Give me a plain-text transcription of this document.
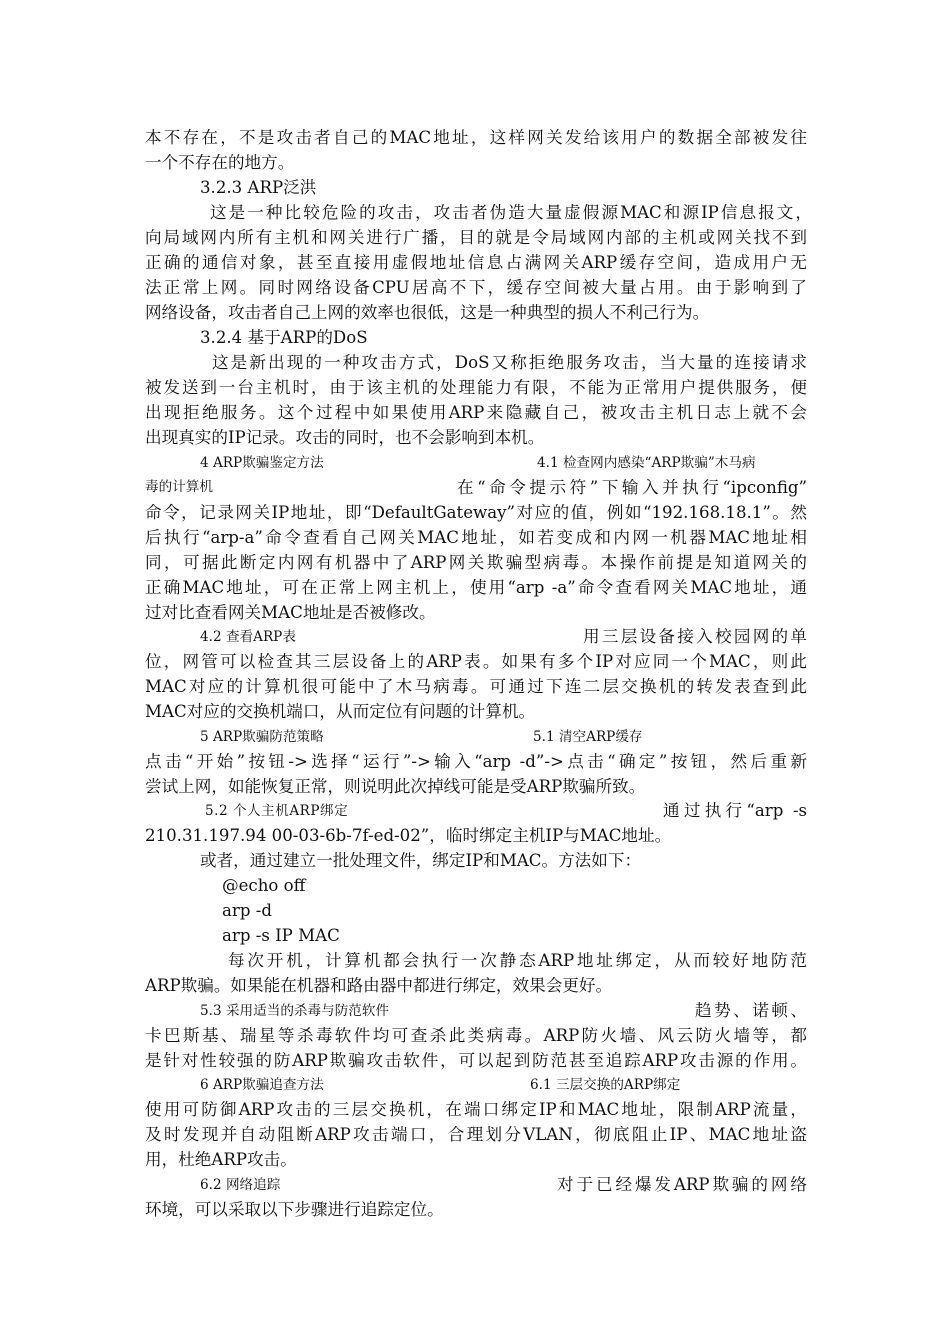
本不存在，不是攻击者自己的MAC地址，这样网关发给该用户的数据全部被发往
一个不存在的地方。
3.2.3 ARP泛洪
这是一种比较危险的攻击，攻击者伪造大量虚假源MAC和源IP信息报文，
向局域网内所有主机和网关进行广播，目的就是令局域网内部的主机或网关找不到
正确的通信对象，甚至直接用虚假地址信息占满网关ARP缓存空间，造成用户无
法正常上网。同时网络设备CPU居高不下，缓存空间被大量占用。由于影响到了
网络设备，攻击者自己上网的效率也很低，这是一种典型的损人不利己行为。
3.2.4 基于ARP的DoS
这是新出现的一种攻击方式，DoS又称拒绝服务攻击，当大量的连接请求
被发送到一台主机时，由于该主机的处理能力有限，不能为正常用户提供服务，便
出现拒绝服务。这个过程中如果使用ARP来隐藏自己，被攻击主机日志上就不会
出现真实的IP记录。攻击的同时，也不会影响到本机。
4 ARP欺骗鉴定方法	4.1 检查网内感染“ARP欺骗”木马病
毒的计算机	在“命令提示符”下输入并执行“ipconfig”
命令，记录网关IP地址，即“DefaultGateway”对应的值，例如“192.168.18.1”。然
后执行“arp-a”命令查看自己网关MAC地址，如若变成和内网一机器MAC地址相
同，可据此断定内网有机器中了ARP网关欺骗型病毒。本操作前提是知道网关的
正确MAC地址，可在正常上网主机上，使用“arp -a”命令查看网关MAC地址，通
过对比查看网关MAC地址是否被修改。
4.2 查看ARP表	用三层设备接入校园网的单
位，网管可以检查其三层设备上的ARP表。如果有多个IP对应同一个MAC，则此
MAC对应的计算机很可能中了木马病毒。可通过下连二层交换机的转发表查到此
MAC对应的交换机端口，从而定位有问题的计算机。
5 ARP欺骗防范策略	5.1 清空ARP缓存
点击“开始”按钮->选择“运行”->输入“arp -d”->点击“确定”按钮，然后重新
尝试上网，如能恢复正常，则说明此次掉线可能是受ARP欺骗所致。
5.2 个人主机ARP绑定	通过执行“arp -s
210.31.197.94 00-03-6b-7f-ed-02”，临时绑定主机IP与MAC地址。
或者，通过建立一批处理文件，绑定IP和MAC。方法如下：
@echo off
arp -d
arp -s IP MAC
每次开机，计算机都会执行一次静态ARP地址绑定，从而较好地防范
ARP欺骗。如果能在机器和路由器中都进行绑定，效果会更好。
5.3 采用适当的杀毒与防范软件	趋势、诺顿、
卡巴斯基、瑞星等杀毒软件均可查杀此类病毒。ARP防火墙、风云防火墙等，都
是针对性较强的防ARP欺骗攻击软件，可以起到防范甚至追踪ARP攻击源的作用。
6 ARP欺骗追查方法	6.1 三层交换的ARP绑定
使用可防御ARP攻击的三层交换机，在端口绑定IP和MAC地址，限制ARP流量，
及时发现并自动阻断ARP攻击端口，合理划分VLAN，彻底阻止IP、MAC地址盗
用，杜绝ARP攻击。
6.2 网络追踪	对于已经爆发ARP欺骗的网络
环境，可以采取以下步骤进行追踪定位。
